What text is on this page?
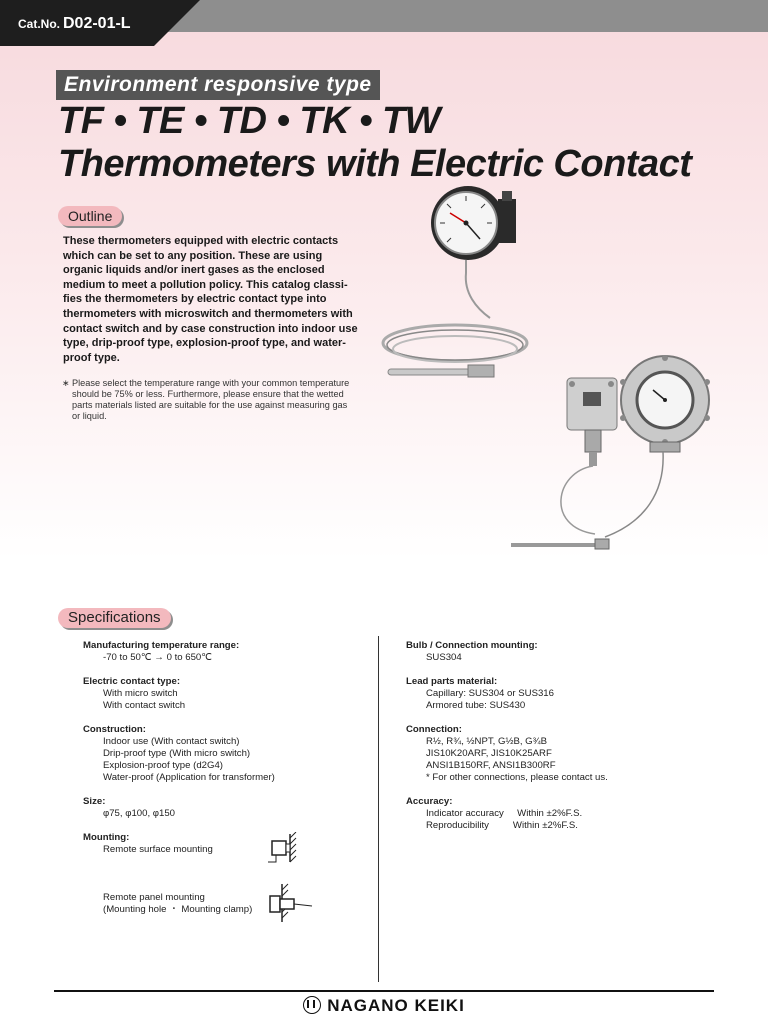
Cat.No. D02-01-L
Environment responsive type
TF • TE • TD • TK • TW
Thermometers with Electric Contact
Outline
These thermometers equipped with electric contacts
which can be set to any position. These are using
organic liquids and/or inert gases as the enclosed
medium to meet a pollution policy. This catalog classi-
fies the thermometers by electric contact type into
thermometers with microswitch and thermometers with
contact switch and by case construction into indoor use
type, drip-proof type, explosion-proof type, and water-
proof type.
∗ Please select the temperature range with your common temperature
should be 75% or less. Furthermore, please ensure that the wetted
parts materials listed are suitable for the use against measuring gas
or liquid.
Specifications
Manufacturing temperature range:
-70 to 50℃ → 0 to 650℃
Electric contact type:
With micro switch
With contact switch
Construction:
Indoor use (With contact switch)
Drip-proof type (With micro switch)
Explosion-proof type (d2G4)
Water-proof (Application for transformer)
Size:
φ75, φ100, φ150
Mounting:
Remote surface mounting
Remote panel mounting
(Mounting hole ・ Mounting clamp)
Bulb / Connection mounting:
SUS304
Lead parts material:
Capillary: SUS304 or SUS316
Armored tube: SUS430
Connection:
R½, R¾, ½NPT, G½B, G¾B
JIS10K20ARF, JIS10K25ARF
ANSI1B150RF, ANSI1B300RF
* For other connections, please contact us.
Accuracy:
Indicator accuracy     Within ±2%F.S.
Reproducibility         Within ±2%F.S.
NAGANO KEIKI
